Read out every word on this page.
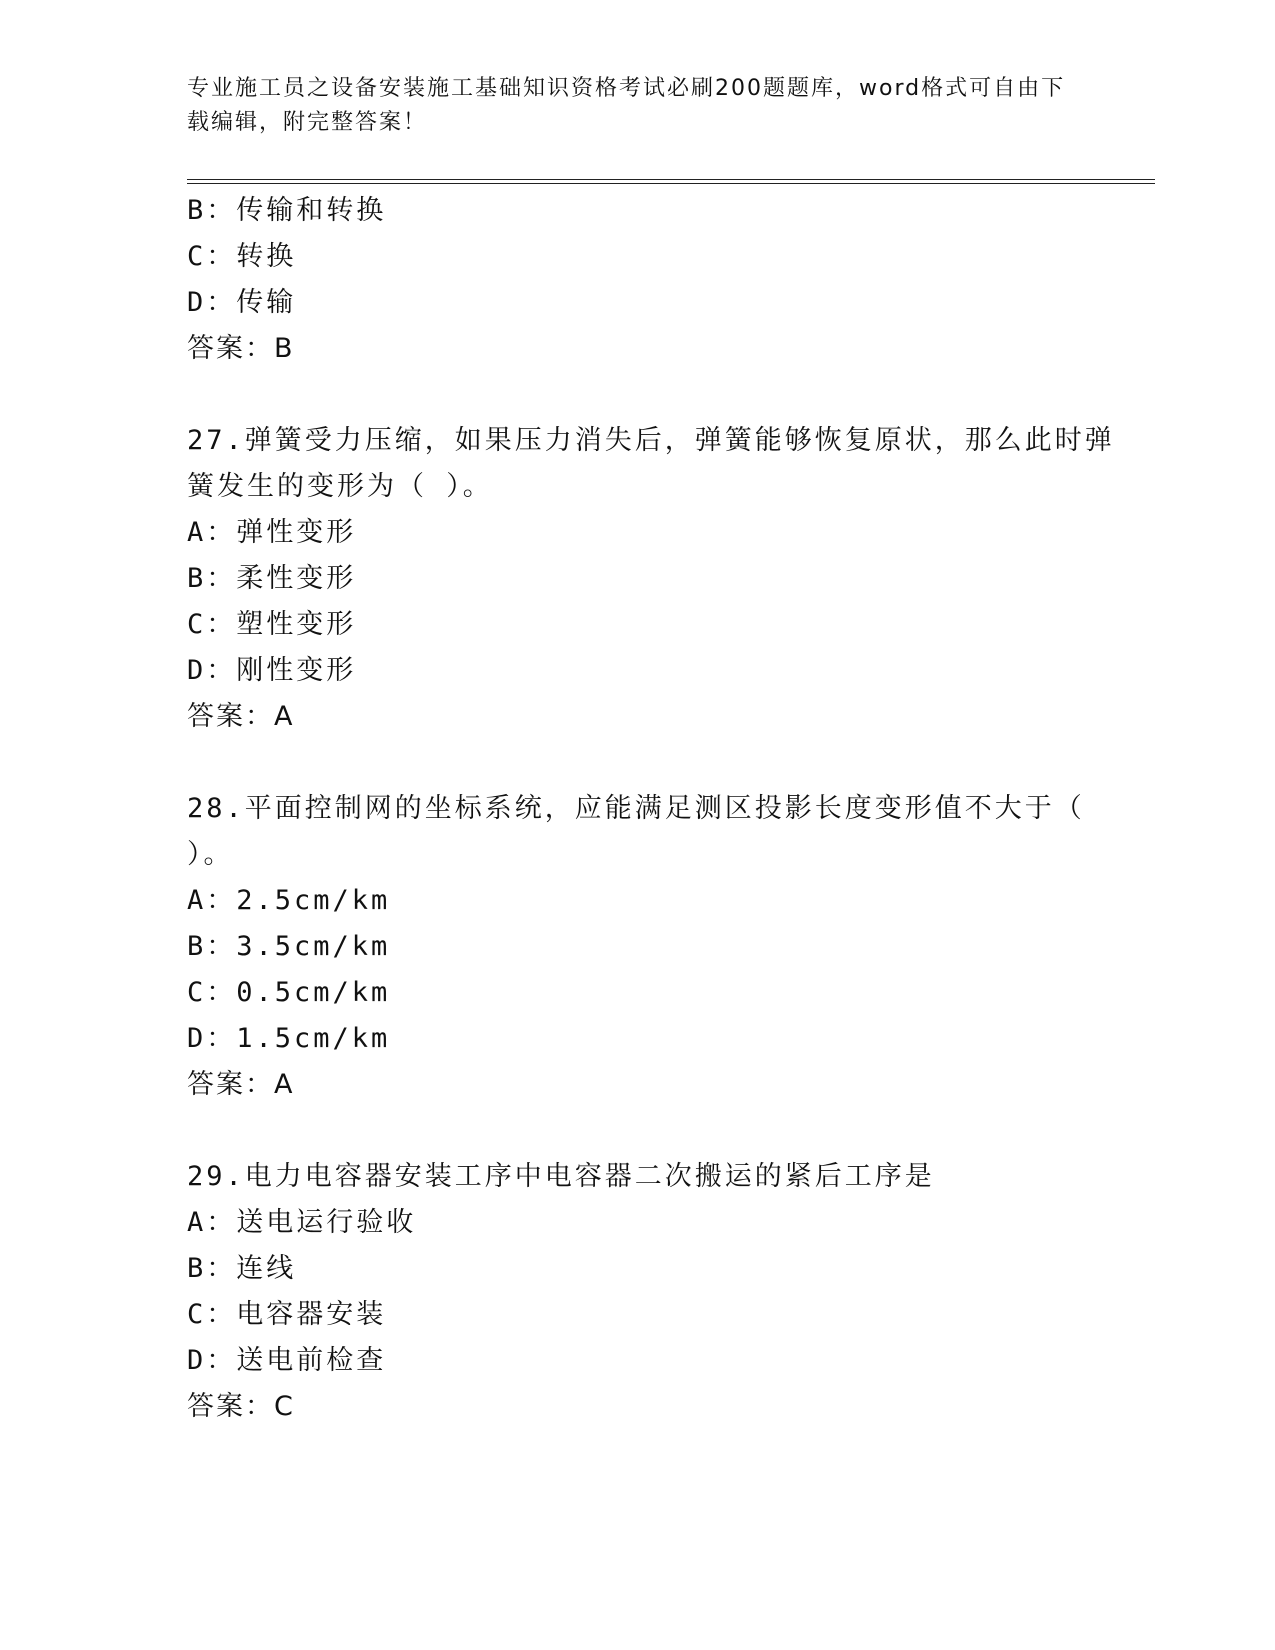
专业施工员之设备安装施工基础知识资格考试必刷200题题库，word格式可自由下载编辑，附完整答案！
B：传输和转换
C：转换
D：传输
答案：B
27.弹簧受力压缩，如果压力消失后，弹簧能够恢复原状，那么此时弹
簧发生的变形为（ ）。
A：弹性变形
B：柔性变形
C：塑性变形
D：刚性变形
答案：A
28.平面控制网的坐标系统，应能满足测区投影长度变形值不大于（
）。
A：2.5cm/km
B：3.5cm/km
C：0.5cm/km
D：1.5cm/km
答案：A
29.电力电容器安装工序中电容器二次搬运的紧后工序是
A：送电运行验收
B：连线
C：电容器安装
D：送电前检查
答案：C
